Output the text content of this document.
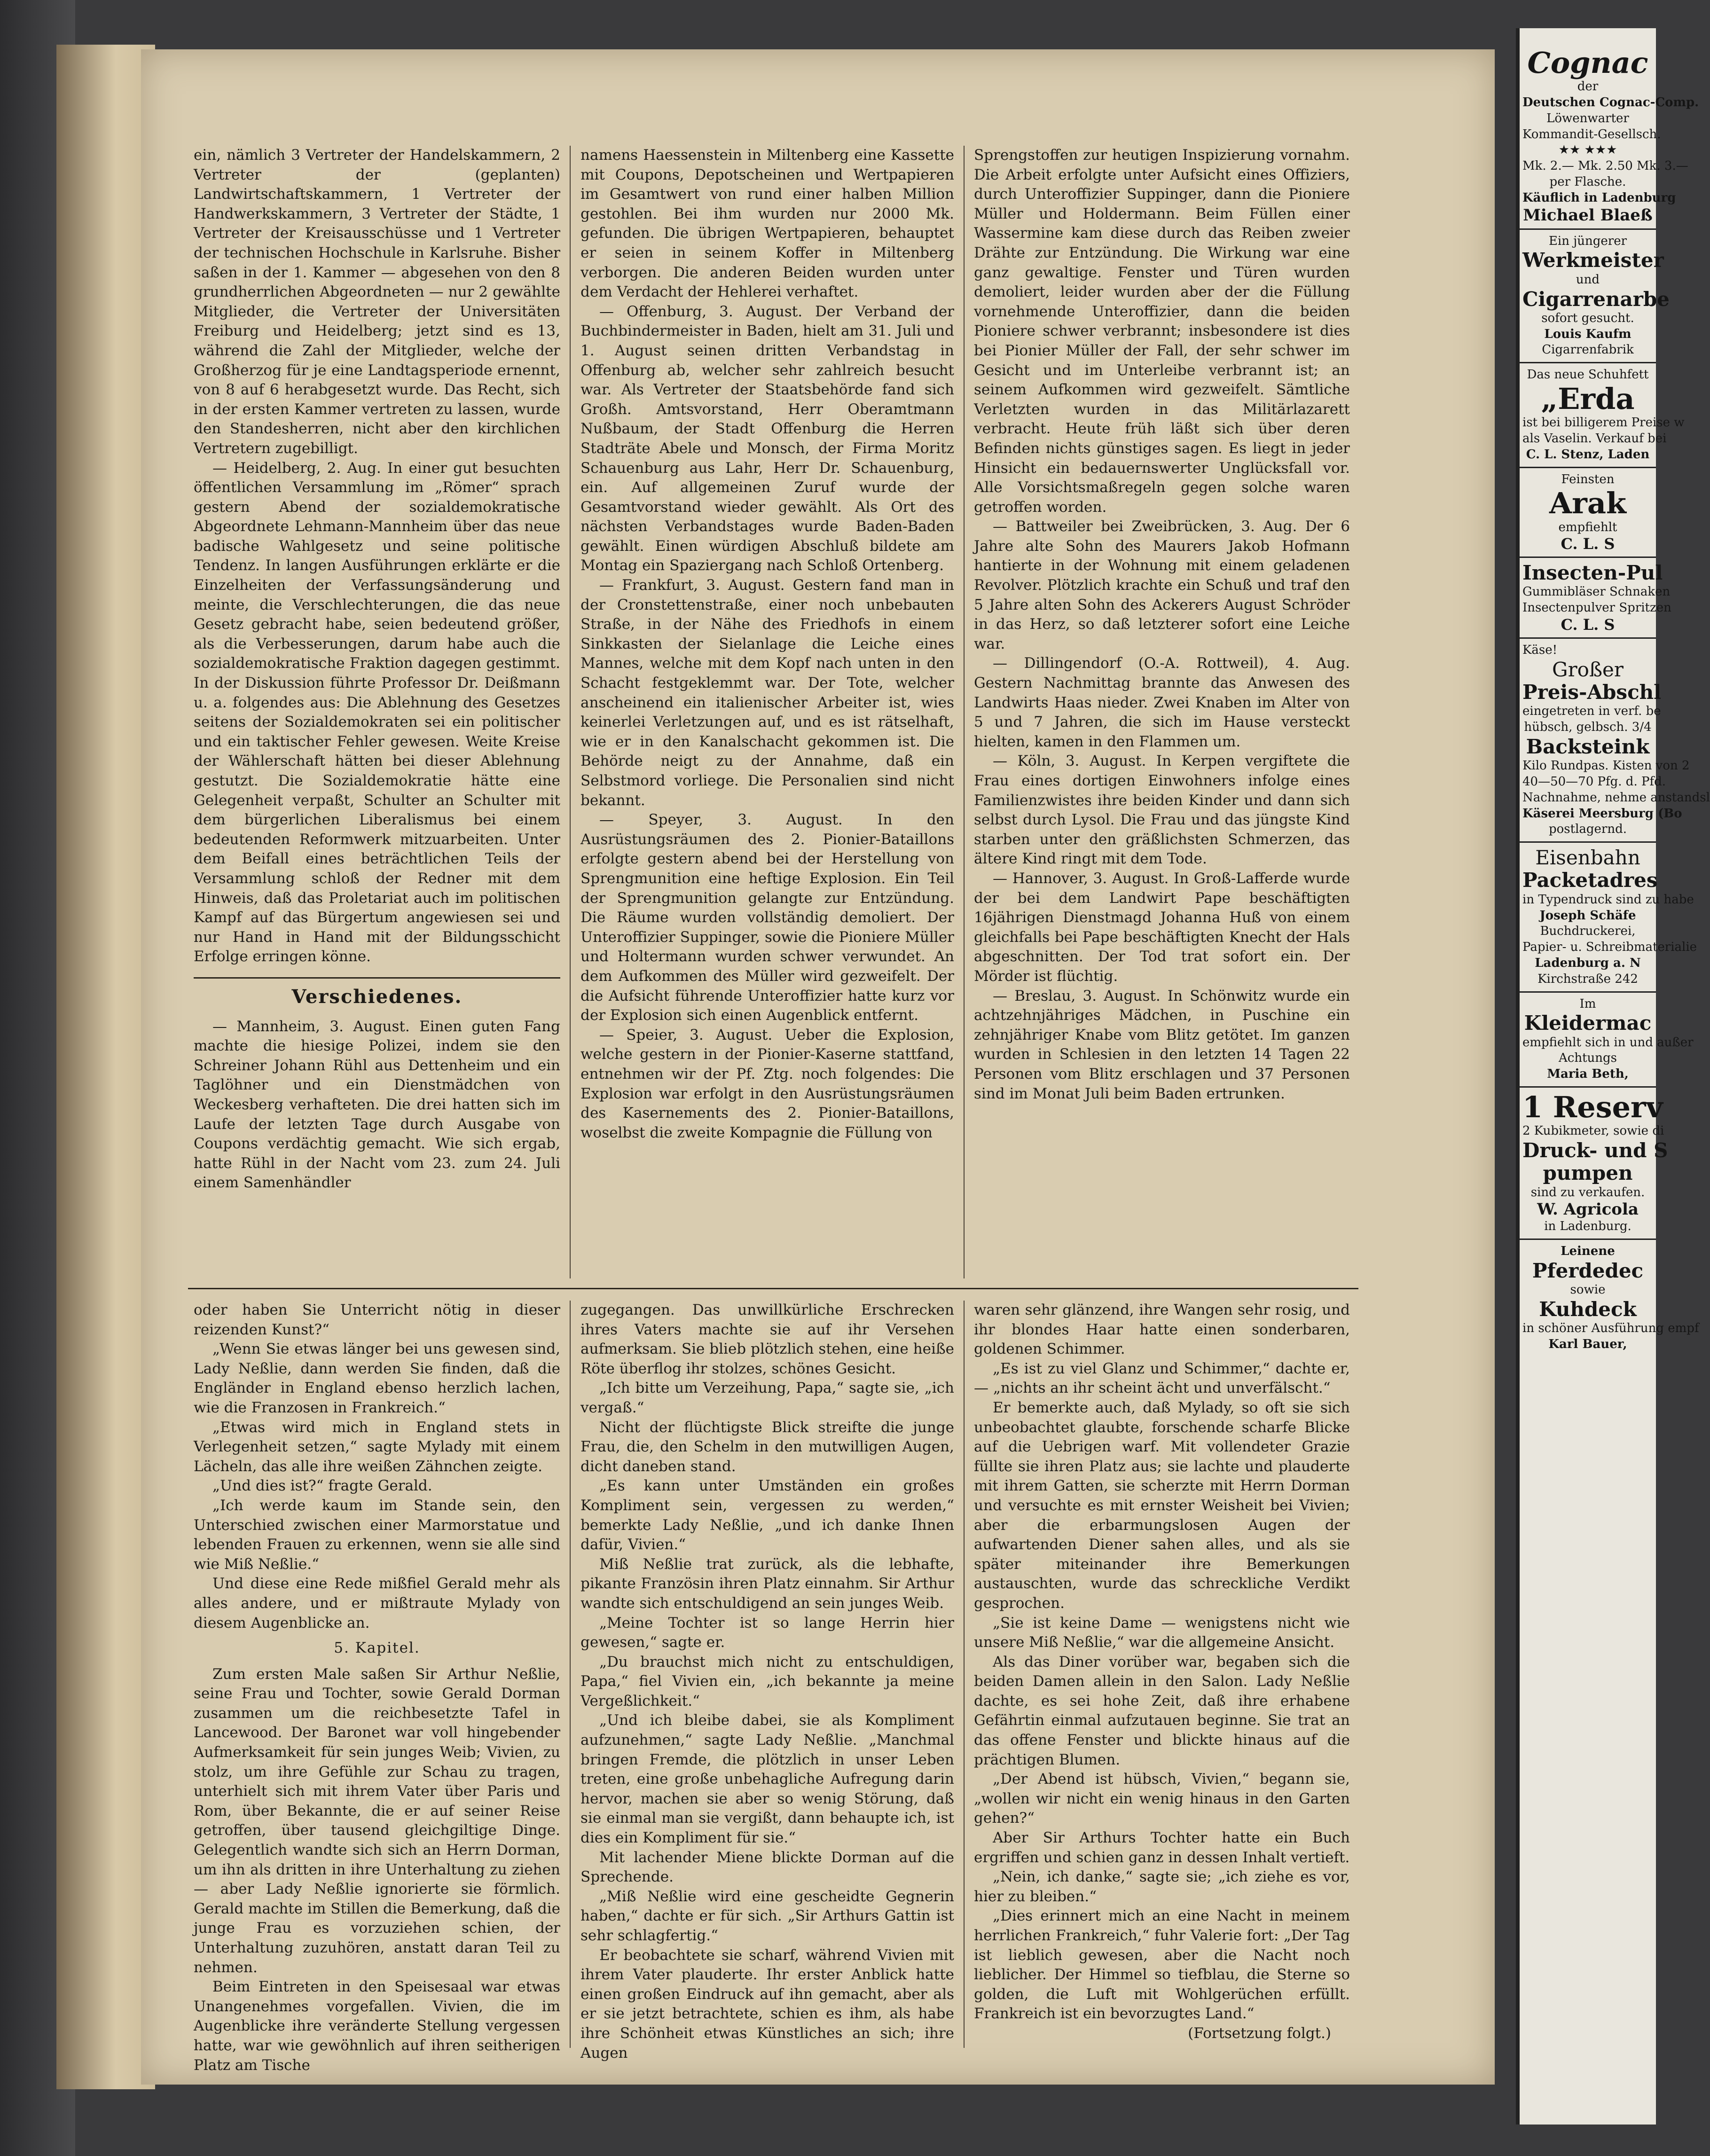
ein, nämlich 3 Vertreter der Handelskammern, 2 Vertreter der (geplanten) Landwirtschaftskammern, 1 Vertreter der Handwerkskammern, 3 Vertreter der Städte, 1 Vertreter der Kreisausschüsse und 1 Vertreter der technischen Hochschule in Karlsruhe. Bisher saßen in der 1. Kammer — abgesehen von den 8 grundherrlichen Abgeordneten — nur 2 gewählte Mitglieder, die Vertreter der Universitäten Freiburg und Heidelberg; jetzt sind es 13, während die Zahl der Mitglieder, welche der Großherzog für je eine Landtagsperiode ernennt, von 8 auf 6 herabgesetzt wurde. Das Recht, sich in der ersten Kammer vertreten zu lassen, wurde den Standesherren, nicht aber den kirchlichen Vertretern zugebilligt.

— Heidelberg, 2. Aug. In einer gut besuchten öffentlichen Versammlung im „Römer“ sprach gestern Abend der sozialdemokratische Abgeordnete Lehmann-Mannheim über das neue badische Wahlgesetz und seine politische Tendenz. In langen Ausführungen erklärte er die Einzelheiten der Verfassungsänderung und meinte, die Verschlechterungen, die das neue Gesetz gebracht habe, seien bedeutend größer, als die Verbesserungen, darum habe auch die sozialdemokratische Fraktion dagegen gestimmt. In der Diskussion führte Professor Dr. Deißmann u. a. folgendes aus: Die Ablehnung des Gesetzes seitens der Sozialdemokraten sei ein politischer und ein taktischer Fehler gewesen. Weite Kreise der Wählerschaft hätten bei dieser Ablehnung gestutzt. Die Sozialdemokratie hätte eine Gelegenheit verpaßt, Schulter an Schulter mit dem bürgerlichen Liberalismus bei einem bedeutenden Reformwerk mitzuarbeiten. Unter dem Beifall eines beträchtlichen Teils der Versammlung schloß der Redner mit dem Hinweis, daß das Proletariat auch im politischen Kampf auf das Bürgertum angewiesen sei und nur Hand in Hand mit der Bildungsschicht Erfolge erringen könne.

Verschiedenes.

— Mannheim, 3. August. Einen guten Fang machte die hiesige Polizei, indem sie den Schreiner Johann Rühl aus Dettenheim und ein Taglöhner und ein Dienstmädchen von Weckesberg verhafteten. Die drei hatten sich im Laufe der letzten Tage durch Ausgabe von Coupons verdächtig gemacht. Wie sich ergab, hatte Rühl in der Nacht vom 23. zum 24. Juli einem Samenhändler

namens Haessenstein in Miltenberg eine Kassette mit Coupons, Depotscheinen und Wertpapieren im Gesamtwert von rund einer halben Million gestohlen. Bei ihm wurden nur 2000 Mk. gefunden. Die übrigen Wertpapieren, behauptet er seien in seinem Koffer in Miltenberg verborgen. Die anderen Beiden wurden unter dem Verdacht der Hehlerei verhaftet.

— Offenburg, 3. August. Der Verband der Buchbindermeister in Baden, hielt am 31. Juli und 1. August seinen dritten Verbandstag in Offenburg ab, welcher sehr zahlreich besucht war. Als Vertreter der Staatsbehörde fand sich Großh. Amtsvorstand, Herr Oberamtmann Nußbaum, der Stadt Offenburg die Herren Stadträte Abele und Monsch, der Firma Moritz Schauenburg aus Lahr, Herr Dr. Schauenburg, ein. Auf allgemeinen Zuruf wurde der Gesamtvorstand wieder gewählt. Als Ort des nächsten Verbandstages wurde Baden-Baden gewählt. Einen würdigen Abschluß bildete am Montag ein Spaziergang nach Schloß Ortenberg.

— Frankfurt, 3. August. Gestern fand man in der Cronstettenstraße, einer noch unbebauten Straße, in der Nähe des Friedhofs in einem Sinkkasten der Sielanlage die Leiche eines Mannes, welche mit dem Kopf nach unten in den Schacht festgeklemmt war. Der Tote, welcher anscheinend ein italienischer Arbeiter ist, wies keinerlei Verletzungen auf, und es ist rätselhaft, wie er in den Kanalschacht gekommen ist. Die Behörde neigt zu der Annahme, daß ein Selbstmord vorliege. Die Personalien sind nicht bekannt.

— Speyer, 3. August. In den Ausrüstungsräumen des 2. Pionier-Bataillons erfolgte gestern abend bei der Herstellung von Sprengmunition eine heftige Explosion. Ein Teil der Sprengmunition gelangte zur Entzündung. Die Räume wurden vollständig demoliert. Der Unteroffizier Suppinger, sowie die Pioniere Müller und Holtermann wurden schwer verwundet. An dem Aufkommen des Müller wird gezweifelt. Der die Aufsicht führende Unteroffizier hatte kurz vor der Explosion sich einen Augenblick entfernt.

— Speier, 3. August. Ueber die Explosion, welche gestern in der Pionier-Kaserne stattfand, entnehmen wir der Pf. Ztg. noch folgendes: Die Explosion war erfolgt in den Ausrüstungsräumen des Kasernements des 2. Pionier-Bataillons, woselbst die zweite Kompagnie die Füllung von

Sprengstoffen zur heutigen Inspizierung vornahm. Die Arbeit erfolgte unter Aufsicht eines Offiziers, durch Unteroffizier Suppinger, dann die Pioniere Müller und Holdermann. Beim Füllen einer Wassermine kam diese durch das Reiben zweier Drähte zur Entzündung. Die Wirkung war eine ganz gewaltige. Fenster und Türen wurden demoliert, leider wurden aber der die Füllung vornehmende Unteroffizier, dann die beiden Pioniere schwer verbrannt; insbesondere ist dies bei Pionier Müller der Fall, der sehr schwer im Gesicht und im Unterleibe verbrannt ist; an seinem Aufkommen wird gezweifelt. Sämtliche Verletzten wurden in das Militärlazarett verbracht. Heute früh läßt sich über deren Befinden nichts günstiges sagen. Es liegt in jeder Hinsicht ein bedauernswerter Unglücksfall vor. Alle Vorsichtsmaßregeln gegen solche waren getroffen worden.

— Battweiler bei Zweibrücken, 3. Aug. Der 6 Jahre alte Sohn des Maurers Jakob Hofmann hantierte in der Wohnung mit einem geladenen Revolver. Plötzlich krachte ein Schuß und traf den 5 Jahre alten Sohn des Ackerers August Schröder in das Herz, so daß letzterer sofort eine Leiche war.

— Dillingendorf (O.-A. Rottweil), 4. Aug. Gestern Nachmittag brannte das Anwesen des Landwirts Haas nieder. Zwei Knaben im Alter von 5 und 7 Jahren, die sich im Hause versteckt hielten, kamen in den Flammen um.

— Köln, 3. August. In Kerpen vergiftete die Frau eines dortigen Einwohners infolge eines Familienzwistes ihre beiden Kinder und dann sich selbst durch Lysol. Die Frau und das jüngste Kind starben unter den gräßlichsten Schmerzen, das ältere Kind ringt mit dem Tode.

— Hannover, 3. August. In Groß-Lafferde wurde der bei dem Landwirt Pape beschäftigten 16jährigen Dienstmagd Johanna Huß von einem gleichfalls bei Pape beschäftigten Knecht der Hals abgeschnitten. Der Tod trat sofort ein. Der Mörder ist flüchtig.

— Breslau, 3. August. In Schönwitz wurde ein achtzehnjähriges Mädchen, in Puschine ein zehnjähriger Knabe vom Blitz getötet. Im ganzen wurden in Schlesien in den letzten 14 Tagen 22 Personen vom Blitz erschlagen und 37 Personen sind im Monat Juli beim Baden ertrunken.

oder haben Sie Unterricht nötig in dieser reizenden Kunst?“

„Wenn Sie etwas länger bei uns gewesen sind, Lady Neßlie, dann werden Sie finden, daß die Engländer in England ebenso herzlich lachen, wie die Franzosen in Frankreich.“

„Etwas wird mich in England stets in Verlegenheit setzen,“ sagte Mylady mit einem Lächeln, das alle ihre weißen Zähnchen zeigte.

„Und dies ist?“ fragte Gerald.

„Ich werde kaum im Stande sein, den Unterschied zwischen einer Marmorstatue und lebenden Frauen zu erkennen, wenn sie alle sind wie Miß Neßlie.“

Und diese eine Rede mißfiel Gerald mehr als alles andere, und er mißtraute Mylady von diesem Augenblicke an.

5. Kapitel.

Zum ersten Male saßen Sir Arthur Neßlie, seine Frau und Tochter, sowie Gerald Dorman zusammen um die reichbesetzte Tafel in Lancewood. Der Baronet war voll hingebender Aufmerksamkeit für sein junges Weib; Vivien, zu stolz, um ihre Gefühle zur Schau zu tragen, unterhielt sich mit ihrem Vater über Paris und Rom, über Bekannte, die er auf seiner Reise getroffen, über tausend gleichgiltige Dinge. Gelegentlich wandte sich sich an Herrn Dorman, um ihn als dritten in ihre Unterhaltung zu ziehen — aber Lady Neßlie ignorierte sie förmlich. Gerald machte im Stillen die Bemerkung, daß die junge Frau es vorzuziehen schien, der Unterhaltung zuzuhören, anstatt daran Teil zu nehmen.

Beim Eintreten in den Speisesaal war etwas Unangenehmes vorgefallen. Vivien, die im Augenblicke ihre veränderte Stellung vergessen hatte, war wie gewöhnlich auf ihren seitherigen Platz am Tische

zugegangen. Das unwillkürliche Erschrecken ihres Vaters machte sie auf ihr Versehen aufmerksam. Sie blieb plötzlich stehen, eine heiße Röte überflog ihr stolzes, schönes Gesicht.

„Ich bitte um Verzeihung, Papa,“ sagte sie, „ich vergaß.“

Nicht der flüchtigste Blick streifte die junge Frau, die, den Schelm in den mutwilligen Augen, dicht daneben stand.

„Es kann unter Umständen ein großes Kompliment sein, vergessen zu werden,“ bemerkte Lady Neßlie, „und ich danke Ihnen dafür, Vivien.“

Miß Neßlie trat zurück, als die lebhafte, pikante Französin ihren Platz einnahm. Sir Arthur wandte sich entschuldigend an sein junges Weib.

„Meine Tochter ist so lange Herrin hier gewesen,“ sagte er.

„Du brauchst mich nicht zu entschuldigen, Papa,“ fiel Vivien ein, „ich bekannte ja meine Vergeßlichkeit.“

„Und ich bleibe dabei, sie als Kompliment aufzunehmen,“ sagte Lady Neßlie. „Manchmal bringen Fremde, die plötzlich in unser Leben treten, eine große unbehagliche Aufregung darin hervor, machen sie aber so wenig Störung, daß sie einmal man sie vergißt, dann behaupte ich, ist dies ein Kompliment für sie.“

Mit lachender Miene blickte Dorman auf die Sprechende.

„Miß Neßlie wird eine gescheidte Gegnerin haben,“ dachte er für sich. „Sir Arthurs Gattin ist sehr schlagfertig.“

Er beobachtete sie scharf, während Vivien mit ihrem Vater plauderte. Ihr erster Anblick hatte einen großen Eindruck auf ihn gemacht, aber als er sie jetzt betrachtete, schien es ihm, als habe ihre Schönheit etwas Künstliches an sich; ihre Augen

waren sehr glänzend, ihre Wangen sehr rosig, und ihr blondes Haar hatte einen sonderbaren, goldenen Schimmer.

„Es ist zu viel Glanz und Schimmer,“ dachte er, — „nichts an ihr scheint ächt und unverfälscht.“

Er bemerkte auch, daß Mylady, so oft sie sich unbeobachtet glaubte, forschende scharfe Blicke auf die Uebrigen warf. Mit vollendeter Grazie füllte sie ihren Platz aus; sie lachte und plauderte mit ihrem Gatten, sie scherzte mit Herrn Dorman und versuchte es mit ernster Weisheit bei Vivien; aber die erbarmungslosen Augen der aufwartenden Diener sahen alles, und als sie später miteinander ihre Bemerkungen austauschten, wurde das schreckliche Verdikt gesprochen.

„Sie ist keine Dame — wenigstens nicht wie unsere Miß Neßlie,“ war die allgemeine Ansicht.

Als das Diner vorüber war, begaben sich die beiden Damen allein in den Salon. Lady Neßlie dachte, es sei hohe Zeit, daß ihre erhabene Gefährtin einmal aufzutauen beginne. Sie trat an das offene Fenster und blickte hinaus auf die prächtigen Blumen.

„Der Abend ist hübsch, Vivien,“ begann sie, „wollen wir nicht ein wenig hinaus in den Garten gehen?“

Aber Sir Arthurs Tochter hatte ein Buch ergriffen und schien ganz in dessen Inhalt vertieft.

„Nein, ich danke,“ sagte sie; „ich ziehe es vor, hier zu bleiben.“

„Dies erinnert mich an eine Nacht in meinem herrlichen Frankreich,“ fuhr Valerie fort: „Der Tag ist lieblich gewesen, aber die Nacht noch lieblicher. Der Himmel so tiefblau, die Sterne so golden, die Luft mit Wohlgerüchen erfüllt. Frankreich ist ein bevorzugtes Land.“

(Fortsetzung folgt.)

Cognac
der
Deutschen Cognac-Comp.
Löwenwarter
Kommandit-Gesellsch.
★★ ★★★
Mk. 2.— Mk. 2.50 Mk. 3.—
per Flasche.
Käuflich in Ladenburg
Michael Blaeß
Ein jüngerer
Werkmeister
und
Cigarrenarbe
sofort gesucht.
Louis Kaufm
Cigarrenfabrik
Das neue Schuhfett
„Erda
ist bei billigerem Preise w
als Vaselin. Verkauf bei
C. L. Stenz, Laden
Feinsten
Arak
empfiehlt
C. L. S
Insecten-Pul
Gummibläser Schnaken
Insectenpulver Spritzen
C. L. S
Käse!
Großer
Preis-Abschl
eingetreten in verf. be
hübsch, gelbsch. 3/4
Backsteink
Kilo Rundpas. Kisten von 2
40—50—70 Pfg. d. Pfd.
Nachnahme, nehme anstandsl
Käserei Meersburg (Bo
postlagernd.
Eisenbahn
Packetadres
in Typendruck sind zu habe
Joseph Schäfe
Buchdruckerei,
Papier- u. Schreibmaterialie
Ladenburg a. N
Kirchstraße 242
Im
Kleidermac
empfiehlt sich in und außer
Achtungs
Maria Beth,
1 Reserv
2 Kubikmeter, sowie di
Druck- und S
pumpen
sind zu verkaufen.
W. Agricola
in Ladenburg.
Leinene
Pferdedec
sowie
Kuhdeck
in schöner Ausführung empf
Karl Bauer,
